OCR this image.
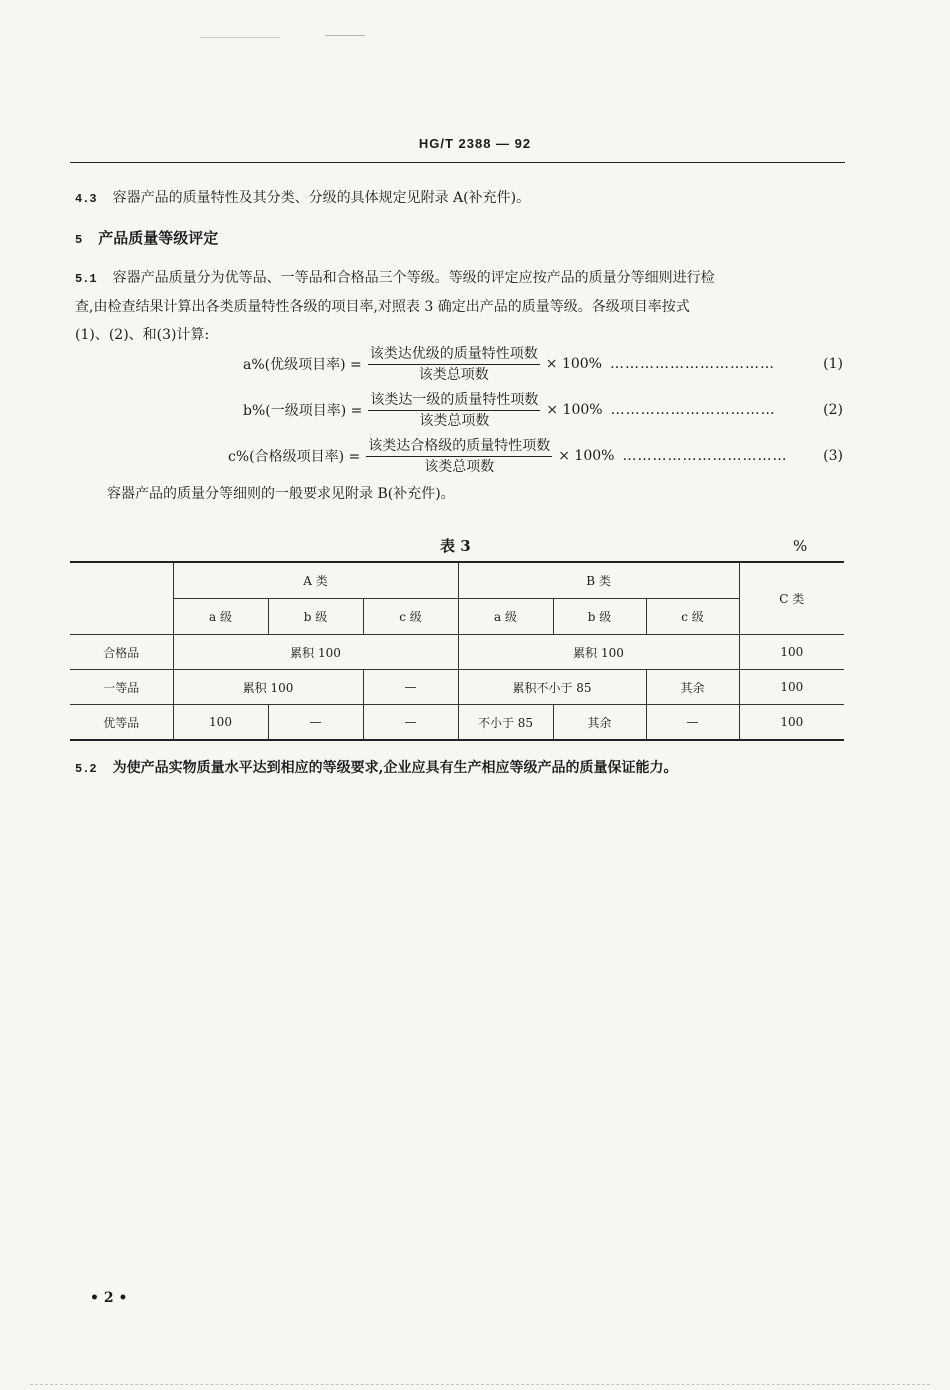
HG/T 2388 — 92
4.3 容器产品的质量特性及其分类、分级的具体规定见附录 A(补充件)。
5 产品质量等级评定
5.1 容器产品质量分为优等品、一等品和合格品三个等级。等级的评定应按产品的质量分等细则进行检
查,由检查结果计算出各类质量特性各级的项目率,对照表 3 确定出产品的质量等级。各级项目率按式
(1)、(2)、和(3)计算:
a%(优级项目率) = $\frac{\text{该类达优级的质量特性项数}}{\text{该类总项数}} \times 100\%$ ……………………………	(1)
b%(一级项目率) = $\frac{\text{该类达一级的质量特性项数}}{\text{该类总项数}} \times 100\%$ ……………………………	(2)
c%(合格级项目率) = $\frac{\text{该类达合格级的质量特性项数}}{\text{该类总项数}} \times 100\%$ ……………………………	(3)
容器产品的质量分等细则的一般要求见附录 B(补充件)。
表 3	%
	A 类			B 类			C 类
	a 级	b 级	c 级	a 级	b 级	c 级	
合格品	累积 100			累积 100			100
一等品	累积 100		—	累积不小于 85		其余	100
优等品	100	—	—	不小于 85	其余	—	100
5.2 为使产品实物质量水平达到相应的等级要求,企业应具有生产相应等级产品的质量保证能力。
• 2 •
